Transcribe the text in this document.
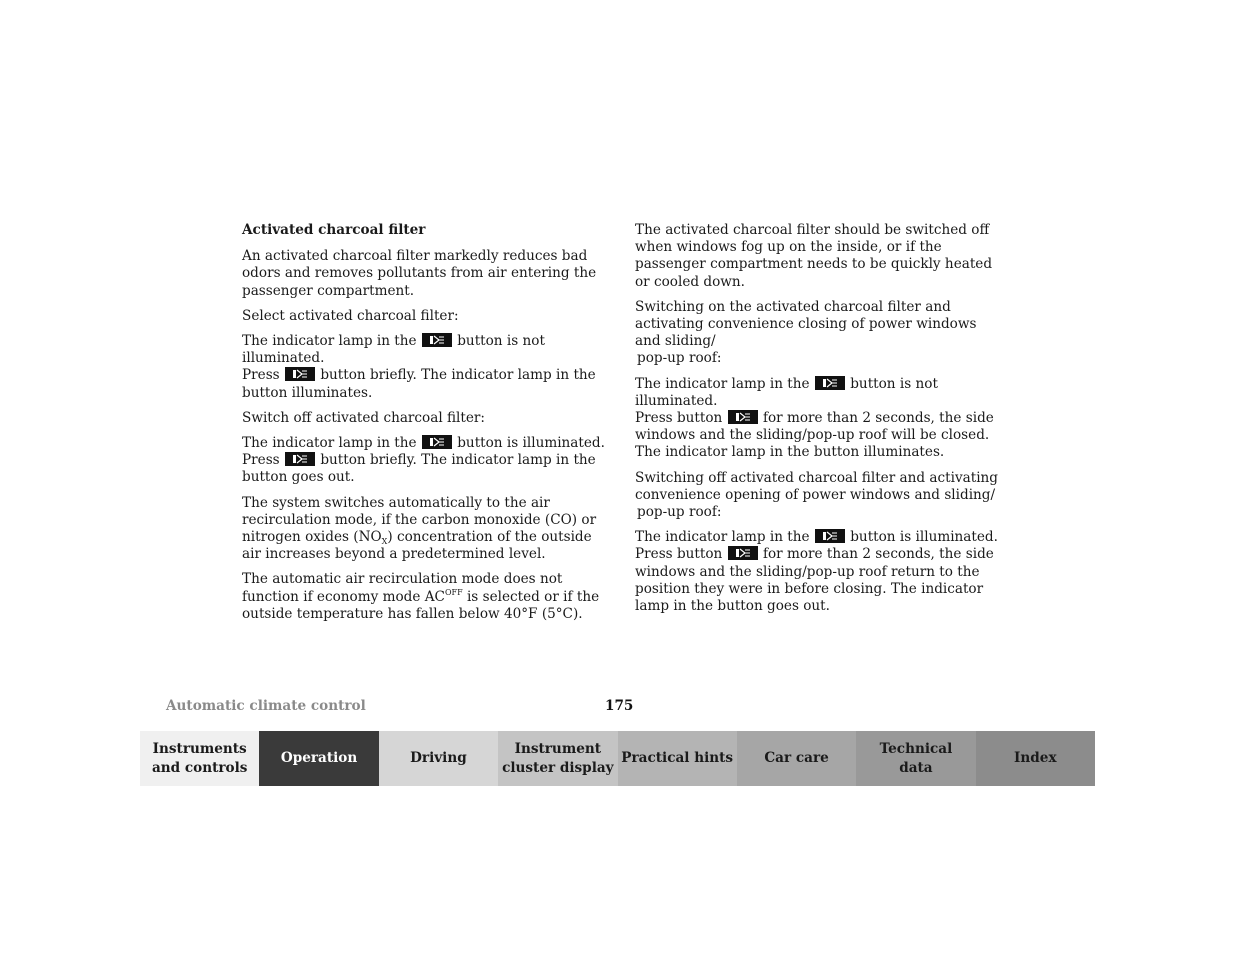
Activated charcoal filter

An activated charcoal filter markedly reduces bad odors and removes pollutants from air entering the passenger compartment.

Select activated charcoal filter:

The indicator lamp in the	button is not illuminated.
Press	button briefly. The indicator lamp in the button illuminates.

Switch off activated charcoal filter:

The indicator lamp in the	button is illuminated.
Press	button briefly. The indicator lamp in the button goes out.

The system switches automatically to the air recirculation mode, if the carbon monoxide (CO) or nitrogen oxides $(NO_X)$ concentration of the outside air increases beyond a predetermined level.

The automatic air recirculation mode does not function if economy mode $AC^{OFF}$ is selected or if the outside temperature has fallen below 40°F (5°C).

The activated charcoal filter should be switched off when windows fog up on the inside, or if the passenger compartment needs to be quickly heated or cooled down.

Switching on the activated charcoal filter and activating convenience closing of power windows and sliding/
pop-up roof:

The indicator lamp in the	button is not illuminated.
Press button	for more than 2 seconds, the side windows and the sliding/pop-up roof will be closed. The indicator lamp in the button illuminates.

Switching off activated charcoal filter and activating convenience opening of power windows and sliding/
pop-up roof:

The indicator lamp in the	button is illuminated.
Press button	for more than 2 seconds, the side windows and the sliding/pop-up roof return to the position they were in before closing. The indicator lamp in the button goes out.

Automatic climate control	175
Instruments
and controls
Operation	Driving
Instrument
cluster display
Practical hints	Car care
Technical
data
Index
